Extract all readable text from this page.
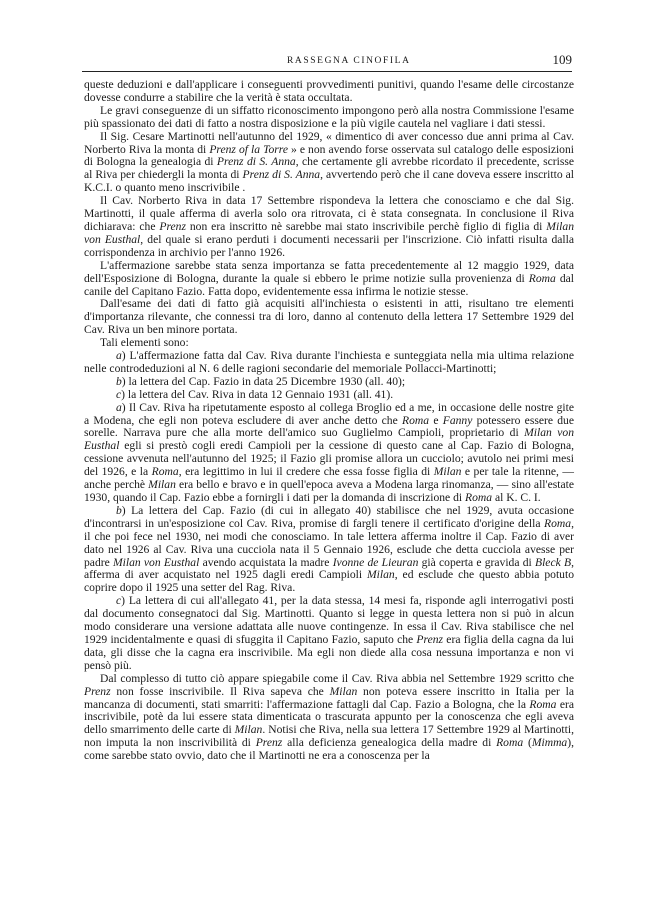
RASSEGNA CINOFILA	109

queste deduzioni e dall'applicare i conseguenti provvedimenti punitivi, quando l'esame delle circostanze dovesse condurre a stabilire che la verità è stata occultata.

Le gravi conseguenze di un siffatto riconoscimento impongono però alla nostra Commissione l'esame più spassionato dei dati di fatto a nostra disposizione e la più vigile cautela nel vagliare i dati stessi.

Il Sig. Cesare Martinotti nell'autunno del 1929, « dimentico di aver concesso due anni prima al Cav. Norberto Riva la monta di Prenz of la Torre » e non avendo forse osservata sul catalogo delle esposizioni di Bologna la genealogia di Prenz di S. Anna, che certamente gli avrebbe ricordato il precedente, scrisse al Riva per chiedergli la monta di Prenz di S. Anna, avvertendo però che il cane doveva essere inscritto al K.C.I. o quanto meno inscrivibile .

Il Cav. Norberto Riva in data 17 Settembre rispondeva la lettera che conosciamo e che dal Sig. Martinotti, il quale afferma di averla solo ora ritrovata, ci è stata consegnata. In conclusione il Riva dichiarava: che Prenz non era inscritto nè sarebbe mai stato inscrivibile perchè figlio di figlia di Milan von Eusthal, del quale si erano perduti i documenti necessarii per l'inscrizione. Ciò infatti risulta dalla corrispondenza in archivio per l'anno 1926.

L'affermazione sarebbe stata senza importanza se fatta precedentemente al 12 maggio 1929, data dell'Esposizione di Bologna, durante la quale si ebbero le prime notizie sulla provenienza di Roma dal canile del Capitano Fazio. Fatta dopo, evidentemente essa infirma le notizie stesse.

Dall'esame dei dati di fatto già acquisiti all'inchiesta o esistenti in atti, risultano tre elementi d'importanza rilevante, che connessi tra di loro, danno al contenuto della lettera 17 Settembre 1929 del Cav. Riva un ben minore portata.

Tali elementi sono:

a) L'affermazione fatta dal Cav. Riva durante l'inchiesta e sunteggiata nella mia ultima relazione nelle controdeduzioni al N. 6 delle ragioni secondarie del memoriale Pollacci-Martinotti;

b) la lettera del Cap. Fazio in data 25 Dicembre 1930 (all. 40);

c) la lettera del Cav. Riva in data 12 Gennaio 1931 (all. 41).

a) Il Cav. Riva ha ripetutamente esposto al collega Broglio ed a me, in occasione delle nostre gite a Modena, che egli non poteva escludere di aver anche detto che Roma e Fanny potessero essere due sorelle. Narrava pure che alla morte dell'amico suo Guglielmo Campioli, proprietario di Milan von Eusthal egli si prestò cogli eredi Campioli per la cessione di questo cane al Cap. Fazio di Bologna, cessione avvenuta nell'autunno del 1925; il Fazio gli promise allora un cucciolo; avutolo nei primi mesi del 1926, e la Roma, era legittimo in lui il credere che essa fosse figlia di Milan e per tale la ritenne, — anche perchè Milan era bello e bravo e in quell'epoca aveva a Modena larga rinomanza, — sino all'estate 1930, quando il Cap. Fazio ebbe a fornirgli i dati per la domanda di inscrizione di Roma al K. C. I.

b) La lettera del Cap. Fazio (di cui in allegato 40) stabilisce che nel 1929, avuta occasione d'incontrarsi in un'esposizione col Cav. Riva, promise di fargli tenere il certificato d'origine della Roma, il che poi fece nel 1930, nei modi che conosciamo. In tale lettera afferma inoltre il Cap. Fazio di aver dato nel 1926 al Cav. Riva una cucciola nata il 5 Gennaio 1926, esclude che detta cucciola avesse per padre Milan von Eusthal avendo acquistata la madre Ivonne de Lieuran già coperta e gravida di Bleck B, afferma di aver acquistato nel 1925 dagli eredi Campioli Milan, ed esclude che questo abbia potuto coprire dopo il 1925 una setter del Rag. Riva.

c) La lettera di cui all'allegato 41, per la data stessa, 14 mesi fa, risponde agli interrogativi posti dal documento consegnatoci dal Sig. Martinotti. Quanto si legge in questa lettera non si può in alcun modo considerare una versione adattata alle nuove contingenze. In essa il Cav. Riva stabilisce che nel 1929 incidentalmente e quasi di sfuggita il Capitano Fazio, saputo che Prenz era figlia della cagna da lui data, gli disse che la cagna era inscrivibile. Ma egli non diede alla cosa nessuna importanza e non vi pensò più.

Dal complesso di tutto ciò appare spiegabile come il Cav. Riva abbia nel Settembre 1929 scritto che Prenz non fosse inscrivibile. Il Riva sapeva che Milan non poteva essere inscritto in Italia per la mancanza di documenti, stati smarriti: l'affermazione fattagli dal Cap. Fazio a Bologna, che la Roma era inscrivibile, potè da lui essere stata dimenticata o trascurata appunto per la conoscenza che egli aveva dello smarrimento delle carte di Milan. Notisi che Riva, nella sua lettera 17 Settembre 1929 al Martinotti, non imputa la non inscrivibilità di Prenz alla deficienza genealogica della madre di Roma (Mimma), come sarebbe stato ovvio, dato che il Martinotti ne era a conoscenza per la
